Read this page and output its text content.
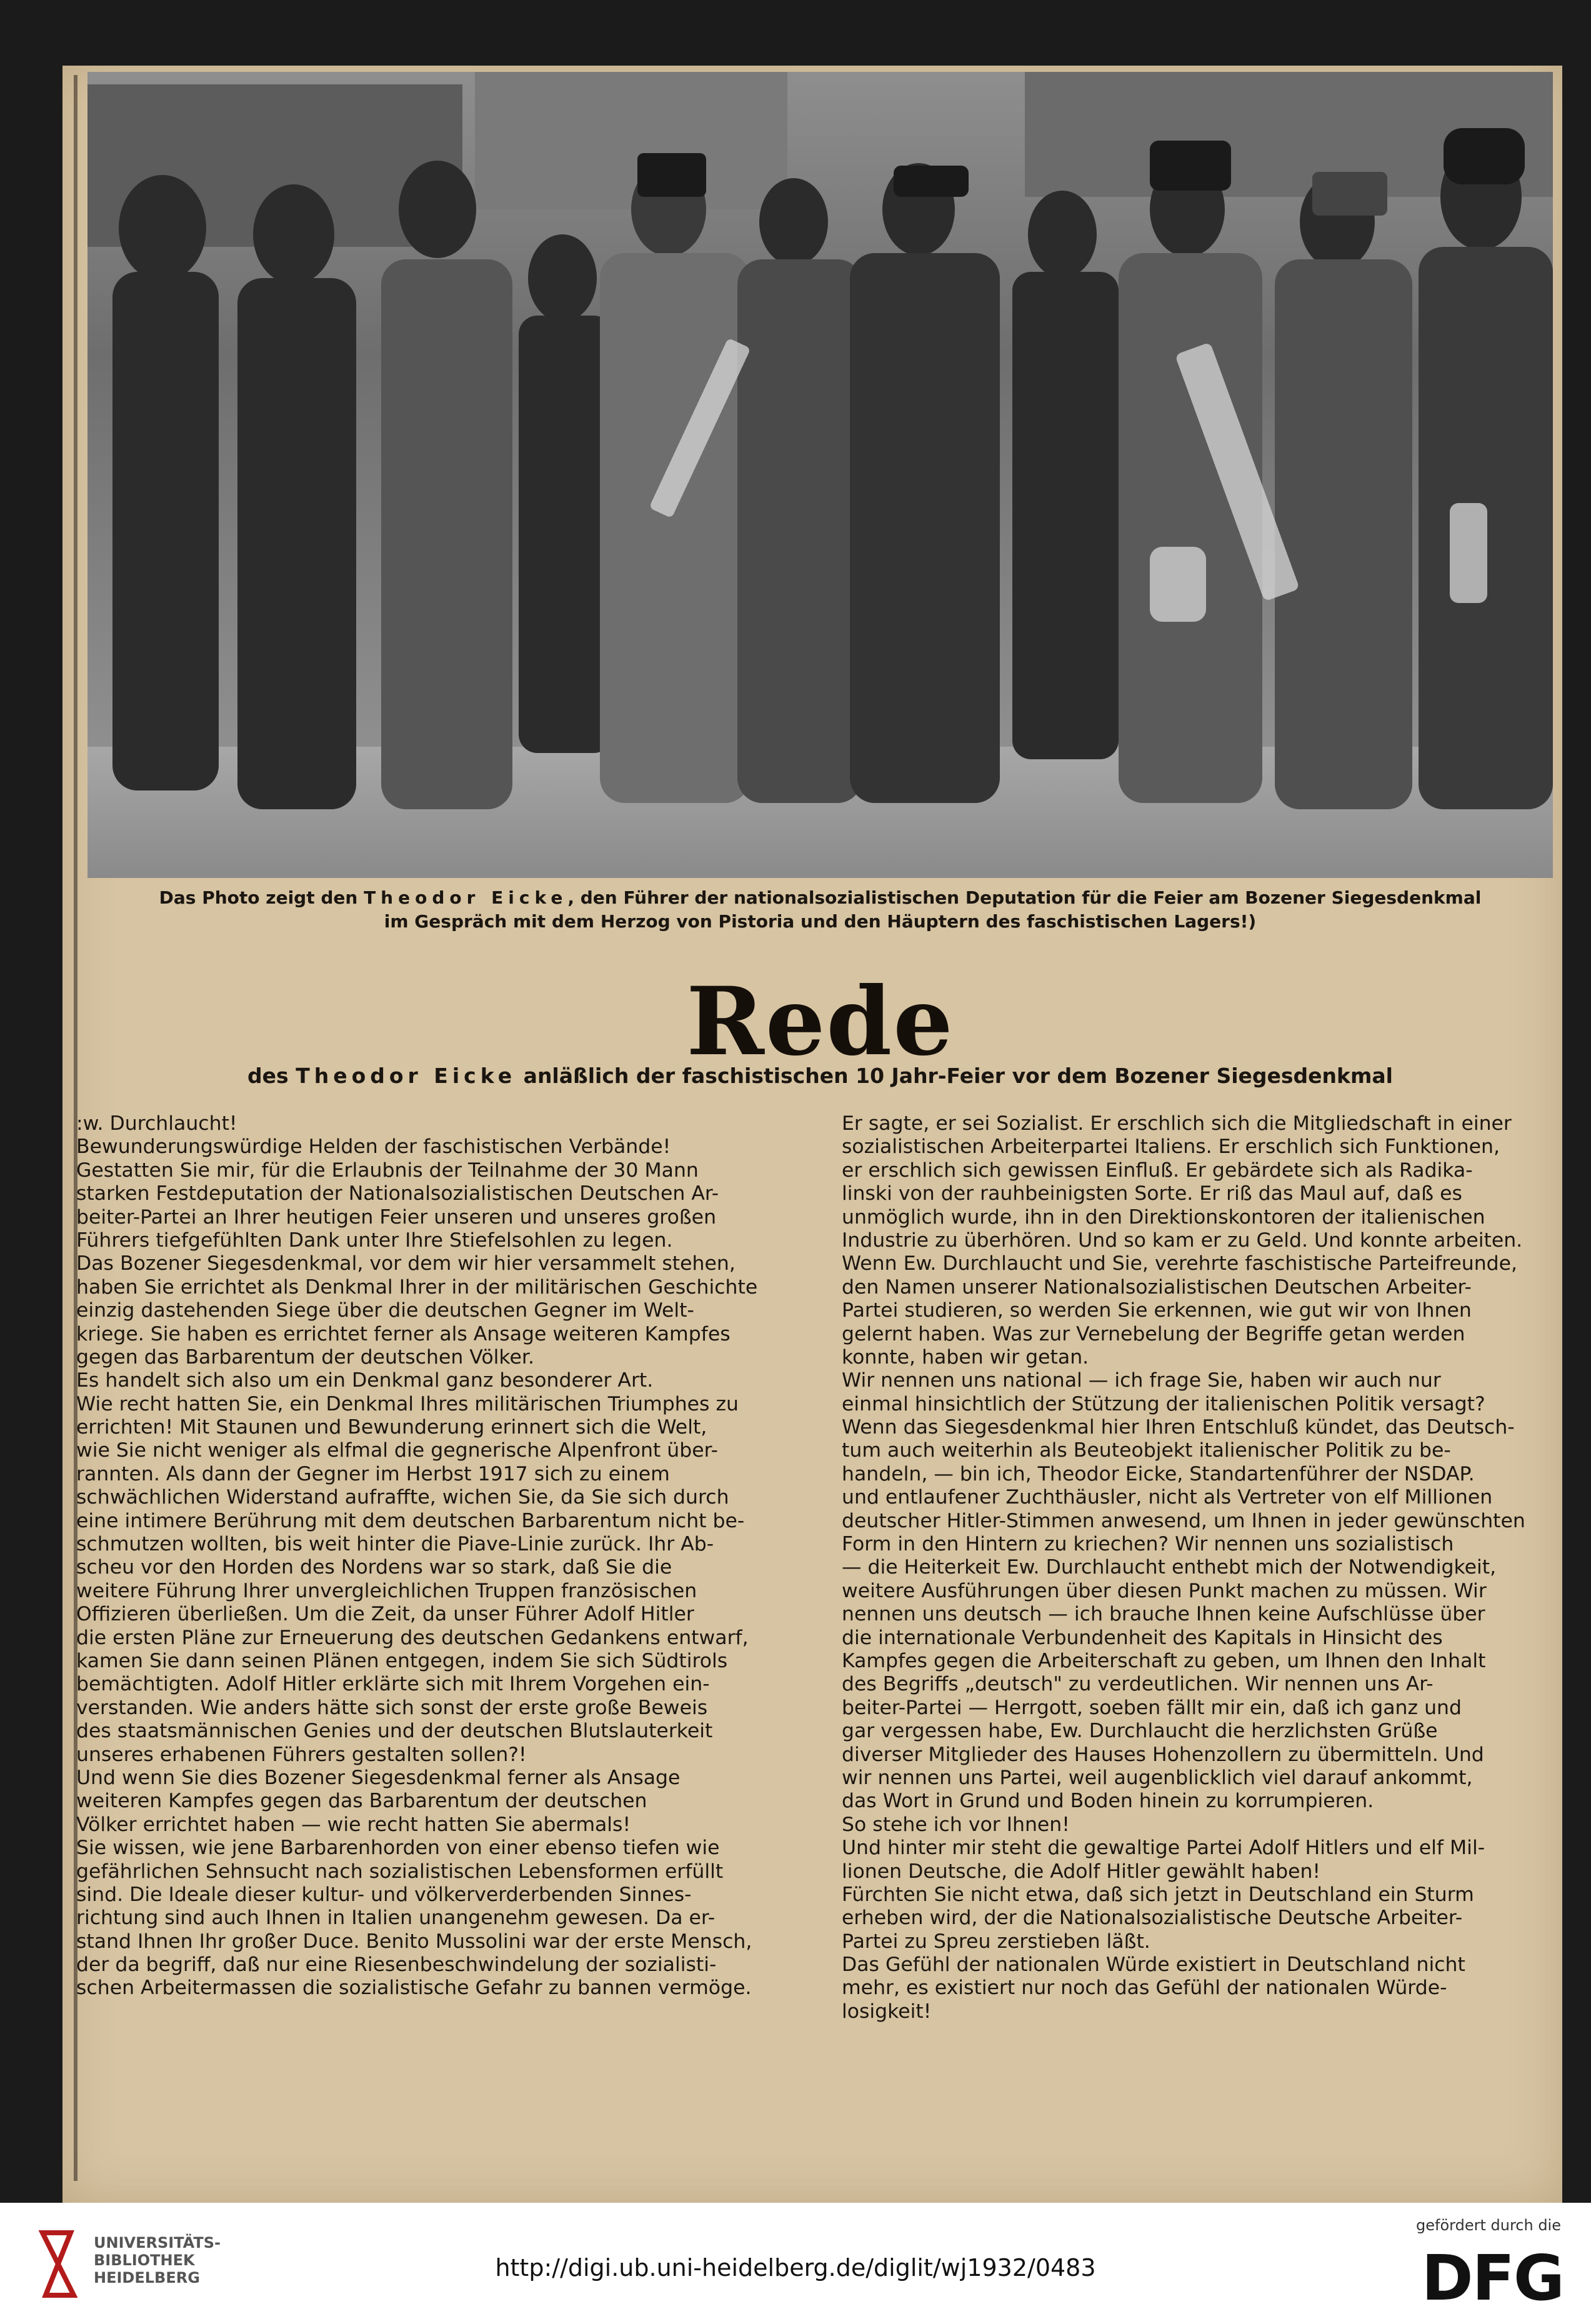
Das Photo zeigt den Theodor Eicke, den Führer der nationalsozialistischen Deputation für die Feier am Bozener Siegesdenkmal
im Gespräch mit dem Herzog von Pistoria und den Häuptern des faschistischen Lagers!)
Rede
des Theodor Eicke anläßlich der faschistischen 10 Jahr-Feier vor dem Bozener Siegesdenkmal
:w. Durchlaucht!
Bewunderungswürdige Helden der faschistischen Verbände!
Gestatten Sie mir, für die Erlaubnis der Teilnahme der 30 Mann
starken Festdeputation der Nationalsozialistischen Deutschen Ar-
beiter-Partei an Ihrer heutigen Feier unseren und unseres großen
Führers tiefgefühlten Dank unter Ihre Stiefelsohlen zu legen.
Das Bozener Siegesdenkmal, vor dem wir hier versammelt stehen,
haben Sie errichtet als Denkmal Ihrer in der militärischen Geschichte
einzig dastehenden Siege über die deutschen Gegner im Welt-
kriege. Sie haben es errichtet ferner als Ansage weiteren Kampfes
gegen das Barbarentum der deutschen Völker.
Es handelt sich also um ein Denkmal ganz besonderer Art.
Wie recht hatten Sie, ein Denkmal Ihres militärischen Triumphes zu
errichten! Mit Staunen und Bewunderung erinnert sich die Welt,
wie Sie nicht weniger als elfmal die gegnerische Alpenfront über-
rannten. Als dann der Gegner im Herbst 1917 sich zu einem
schwächlichen Widerstand aufraffte, wichen Sie, da Sie sich durch
eine intimere Berührung mit dem deutschen Barbarentum nicht be-
schmutzen wollten, bis weit hinter die Piave-Linie zurück. Ihr Ab-
scheu vor den Horden des Nordens war so stark, daß Sie die
weitere Führung Ihrer unvergleichlichen Truppen französischen
Offizieren überließen. Um die Zeit, da unser Führer Adolf Hitler
die ersten Pläne zur Erneuerung des deutschen Gedankens entwarf,
kamen Sie dann seinen Plänen entgegen, indem Sie sich Südtirols
bemächtigten. Adolf Hitler erklärte sich mit Ihrem Vorgehen ein-
verstanden. Wie anders hätte sich sonst der erste große Beweis
des staatsmännischen Genies und der deutschen Blutslauterkeit
unseres erhabenen Führers gestalten sollen?!
Und wenn Sie dies Bozener Siegesdenkmal ferner als Ansage
weiteren Kampfes gegen das Barbarentum der deutschen
Völker errichtet haben — wie recht hatten Sie abermals!
Sie wissen, wie jene Barbarenhorden von einer ebenso tiefen wie
gefährlichen Sehnsucht nach sozialistischen Lebensformen erfüllt
sind. Die Ideale dieser kultur- und völkerverderbenden Sinnes-
richtung sind auch Ihnen in Italien unangenehm gewesen. Da er-
stand Ihnen Ihr großer Duce. Benito Mussolini war der erste Mensch,
der da begriff, daß nur eine Riesenbeschwindelung der sozialisti-
schen Arbeitermassen die sozialistische Gefahr zu bannen vermöge.
Er sagte, er sei Sozialist. Er erschlich sich die Mitgliedschaft in einer
sozialistischen Arbeiterpartei Italiens. Er erschlich sich Funktionen,
er erschlich sich gewissen Einfluß. Er gebärdete sich als Radika-
linski von der rauhbeinigsten Sorte. Er riß das Maul auf, daß es
unmöglich wurde, ihn in den Direktionskontoren der italienischen
Industrie zu überhören. Und so kam er zu Geld. Und konnte arbeiten.
Wenn Ew. Durchlaucht und Sie, verehrte faschistische Parteifreunde,
den Namen unserer Nationalsozialistischen Deutschen Arbeiter-
Partei studieren, so werden Sie erkennen, wie gut wir von Ihnen
gelernt haben. Was zur Vernebelung der Begriffe getan werden
konnte, haben wir getan.
Wir nennen uns national — ich frage Sie, haben wir auch nur
einmal hinsichtlich der Stützung der italienischen Politik versagt?
Wenn das Siegesdenkmal hier Ihren Entschluß kündet, das Deutsch-
tum auch weiterhin als Beuteobjekt italienischer Politik zu be-
handeln, — bin ich, Theodor Eicke, Standartenführer der NSDAP.
und entlaufener Zuchthäusler, nicht als Vertreter von elf Millionen
deutscher Hitler-Stimmen anwesend, um Ihnen in jeder gewünschten
Form in den Hintern zu kriechen? Wir nennen uns sozialistisch
— die Heiterkeit Ew. Durchlaucht enthebt mich der Notwendigkeit,
weitere Ausführungen über diesen Punkt machen zu müssen. Wir
nennen uns deutsch — ich brauche Ihnen keine Aufschlüsse über
die internationale Verbundenheit des Kapitals in Hinsicht des
Kampfes gegen die Arbeiterschaft zu geben, um Ihnen den Inhalt
des Begriffs „deutsch" zu verdeutlichen. Wir nennen uns Ar-
beiter-Partei — Herrgott, soeben fällt mir ein, daß ich ganz und
gar vergessen habe, Ew. Durchlaucht die herzlichsten Grüße
diverser Mitglieder des Hauses Hohenzollern zu übermitteln. Und
wir nennen uns Partei, weil augenblicklich viel darauf ankommt,
das Wort in Grund und Boden hinein zu korrumpieren.
So stehe ich vor Ihnen!
Und hinter mir steht die gewaltige Partei Adolf Hitlers und elf Mil-
lionen Deutsche, die Adolf Hitler gewählt haben!
Fürchten Sie nicht etwa, daß sich jetzt in Deutschland ein Sturm
erheben wird, der die Nationalsozialistische Deutsche Arbeiter-
Partei zu Spreu zerstieben läßt.
Das Gefühl der nationalen Würde existiert in Deutschland nicht
mehr, es existiert nur noch das Gefühl der nationalen Würde-
losigkeit!
UNIVERSITÄTS-
BIBLIOTHEK
HEIDELBERG	http://digi.ub.uni-heidelberg.de/diglit/wj1932/0483
gefördert durch die
DFG
